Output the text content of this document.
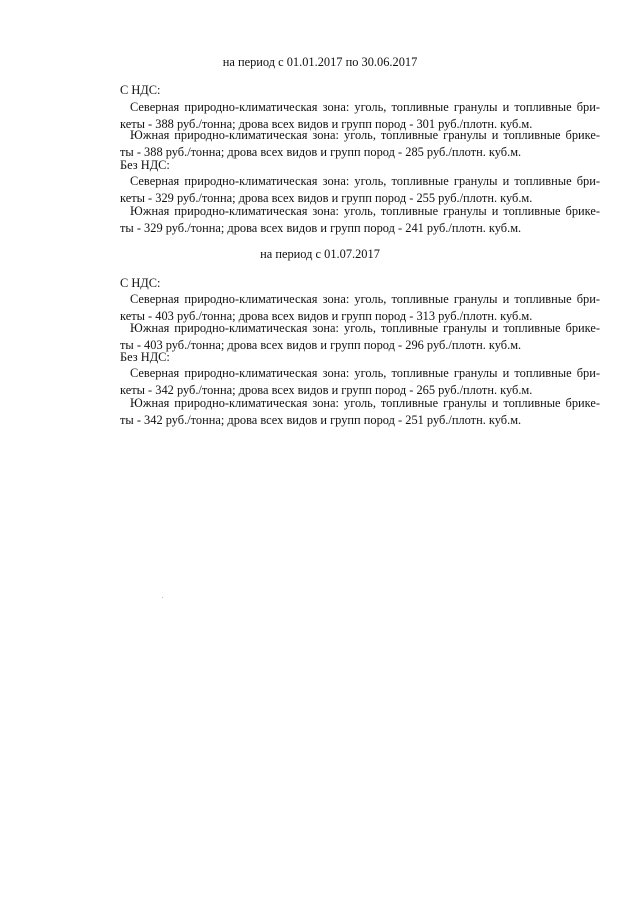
на период с 01.01.2017 по 30.06.2017
С НДС:
Северная природно-климатическая зона: уголь, топливные гранулы и топливные бри-
кеты - 388 руб./тонна; дрова всех видов и групп пород - 301 руб./плотн. куб.м.
Южная природно-климатическая зона: уголь, топливные гранулы и топливные брике-
ты - 388 руб./тонна; дрова всех видов и групп пород - 285 руб./плотн. куб.м.
Без НДС:
Северная природно-климатическая зона: уголь, топливные гранулы и топливные бри-
кеты - 329 руб./тонна; дрова всех видов и групп пород - 255 руб./плотн. куб.м.
Южная природно-климатическая зона: уголь, топливные гранулы и топливные брике-
ты - 329 руб./тонна; дрова всех видов и групп пород - 241 руб./плотн. куб.м.
на период с 01.07.2017
С НДС:
Северная природно-климатическая зона: уголь, топливные гранулы и топливные бри-
кеты - 403 руб./тонна; дрова всех видов и групп пород - 313 руб./плотн. куб.м.
Южная природно-климатическая зона: уголь, топливные гранулы и топливные брике-
ты - 403 руб./тонна; дрова всех видов и групп пород - 296 руб./плотн. куб.м.
Без НДС:
Северная природно-климатическая зона: уголь, топливные гранулы и топливные бри-
кеты - 342 руб./тонна; дрова всех видов и групп пород - 265 руб./плотн. куб.м.
Южная природно-климатическая зона: уголь, топливные гранулы и топливные брике-
ты - 342 руб./тонна; дрова всех видов и групп пород - 251 руб./плотн. куб.м.
